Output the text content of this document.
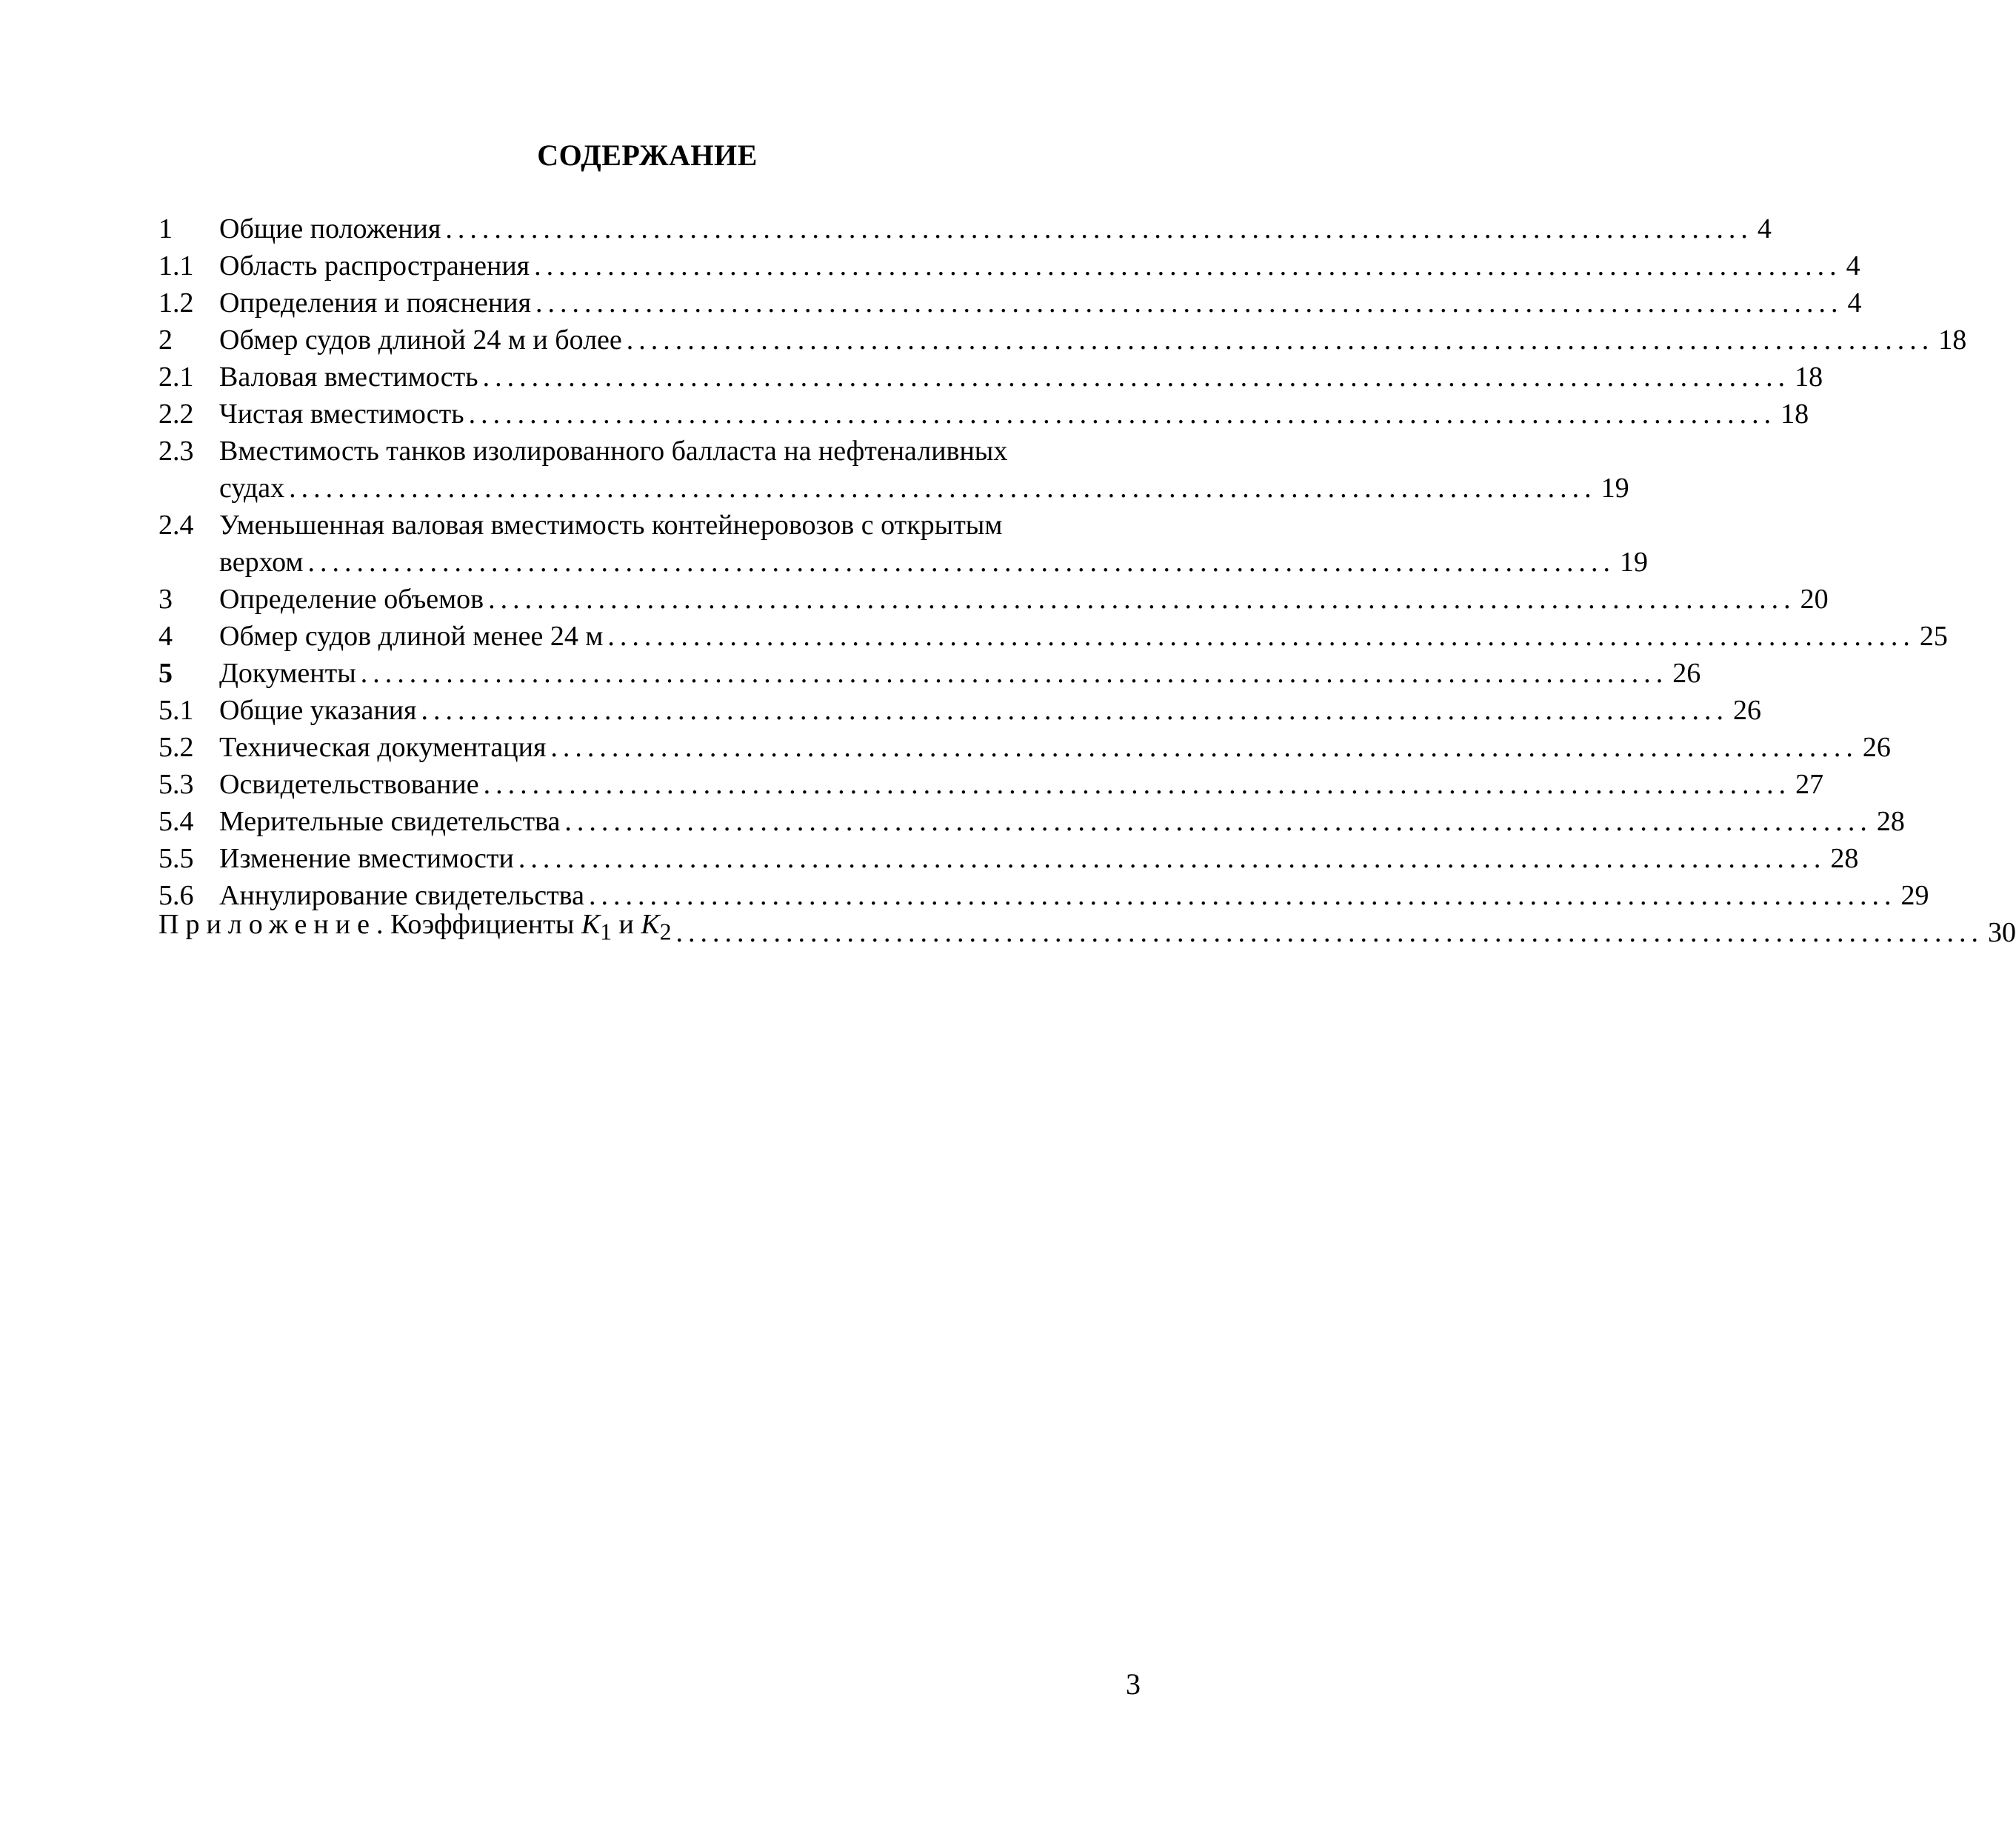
СОДЕРЖАНИЕ
1	Общие положения ........................................................................................................... 4
1.1 Область распространения ........................................................................................................... 4
1.2 Определения и пояснения ........................................................................................................... 4
2	Обмер судов длиной 24 м и более ........................................................................................................... 18
2.1 Валовая вместимость ........................................................................................................... 18
2.2 Чистая вместимость ........................................................................................................... 18
2.3 Вместимость танков изолированного балласта на нефтеналивных
судах ........................................................................................................... 19
2.4 Уменьшенная валовая вместимость контейнеровозов с открытым
верхом ........................................................................................................... 19
3	Определение объемов ........................................................................................................... 20
4	Обмер судов длиной менее 24 м ........................................................................................................... 25
5	Документы ........................................................................................................... 26
5.1 Общие указания ........................................................................................................... 26
5.2 Техническая документация ........................................................................................................... 26
5.3 Освидетельствование ........................................................................................................... 27
5.4 Мерительные свидетельства ........................................................................................................... 28
5.5 Изменение вместимости ........................................................................................................... 28
5.6 Аннулирование свидетельства ........................................................................................................... 29
Приложение. Коэффициенты $K_1$ и $K_2$ ........................................................................................................... 30
3
